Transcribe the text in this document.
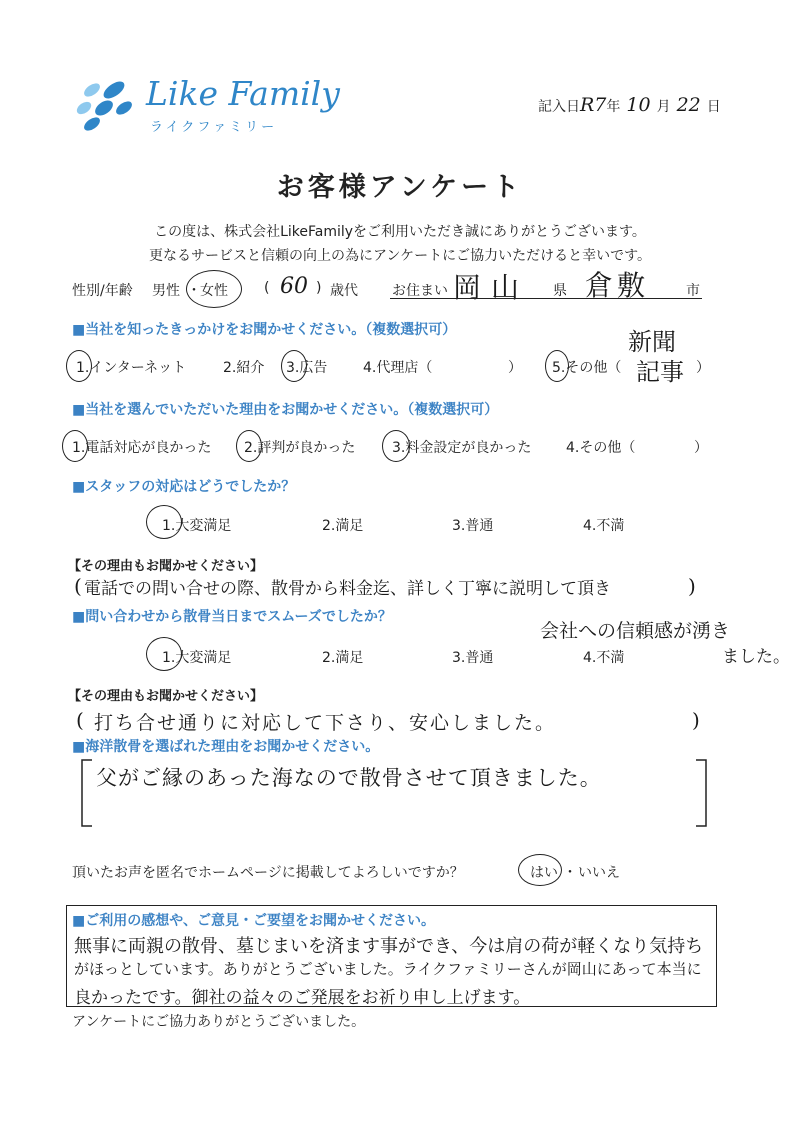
Like Family
ライクファミリー
記入日R7年 10 月 22 日
お客様アンケート
この度は、株式会社LikeFamilyをご利用いただき誠にありがとうございます。
更なるサービスと信頼の向上の為にアンケートにご協力いただけると幸いです。
性別/年齢 男性 ・ 女性	( 60 ) 歳代 お住まい 岡山 県 倉敷	市
■当社を知ったきっかけをお聞かせください。（複数選択可）
1.インターネット	2.紹介 3.広告	4.代理店（	） 5.その他（
新聞
記事 ）
■当社を選んでいただいた理由をお聞かせください。（複数選択可）
1.電話対応が良かった 2.評判が良かった	3.料金設定が良かった 4.その他（	）
■スタッフの対応はどうでしたか？
1.大変満足	2.満足	3.普通	4.不満
【その理由もお聞かせください】
( 電話での問い合せの際、散骨から料金迄、詳しく丁寧に説明して頂き	)
会社への信頼感が湧き
ました。
■問い合わせから散骨当日までスムーズでしたか？
1.大変満足	2.満足	3.普通	4.不満
【その理由もお聞かせください】
( 打ち合せ通りに対応して下さり、安心しました。	)
■海洋散骨を選ばれた理由をお聞かせください。
父がご縁のあった海なので散骨させて頂きました。
頂いたお声を匿名でホームページに掲載してよろしいですか？	はい ・ いいえ
■ご利用の感想や、ご意見・ご要望をお聞かせください。
無事に両親の散骨、墓じまいを済ます事ができ、今は肩の荷が軽くなり気持ち
がほっとしています。ありがとうございました。ライクファミリーさんが岡山にあって本当に
良かったです。御社の益々のご発展をお祈り申し上げます。
アンケートにご協力ありがとうございました。
